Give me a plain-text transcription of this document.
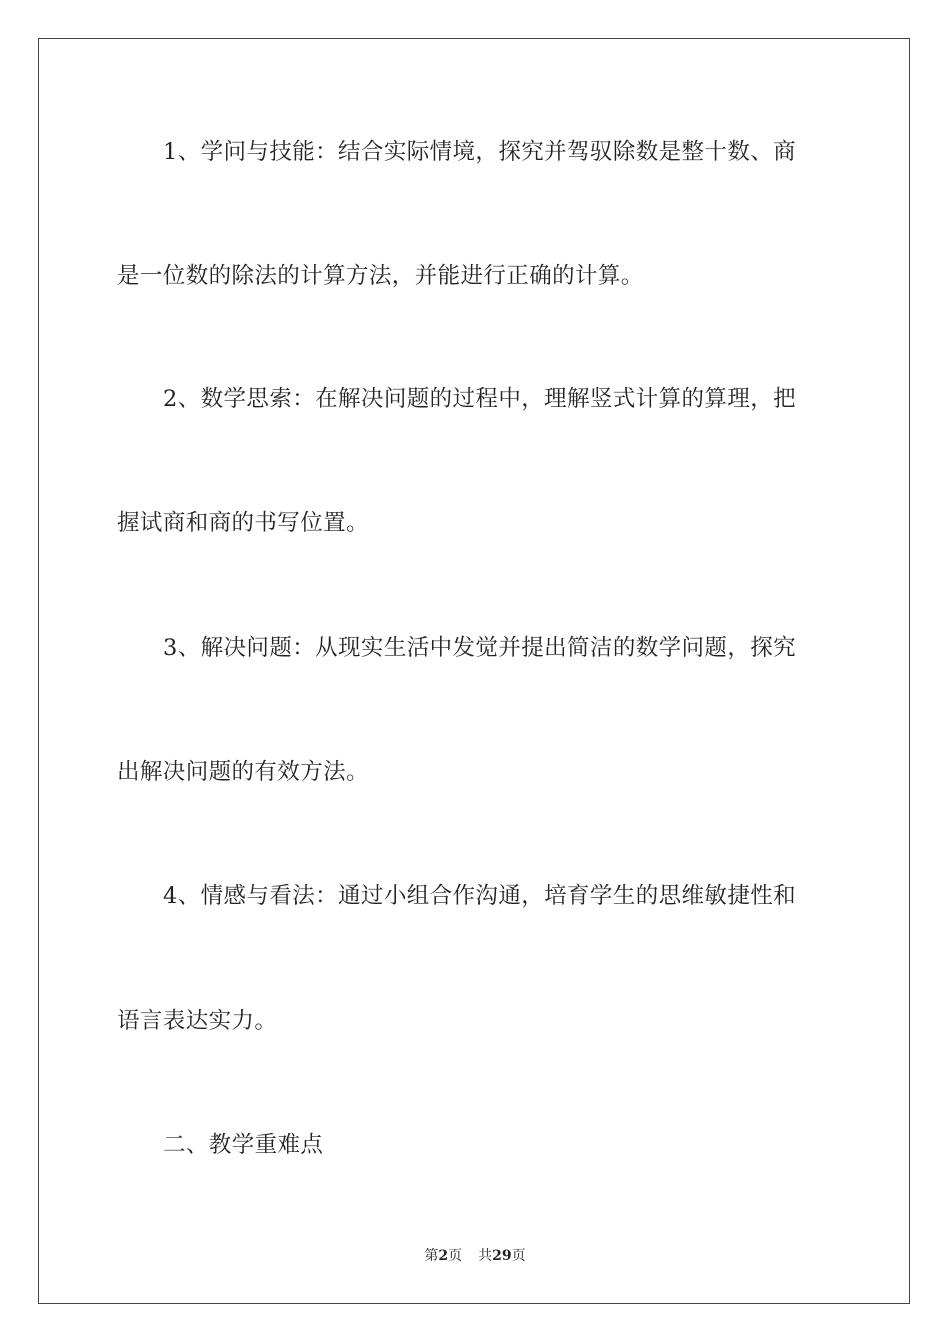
1、学问与技能：结合实际情境，探究并驾驭除数是整十数、商
是一位数的除法的计算方法，并能进行正确的计算。
2、数学思索：在解决问题的过程中，理解竖式计算的算理，把
握试商和商的书写位置。
3、解决问题：从现实生活中发觉并提出简洁的数学问题，探究
出解决问题的有效方法。
4、情感与看法：通过小组合作沟通，培育学生的思维敏捷性和
语言表达实力。
二、教学重难点
第2页 共29页
